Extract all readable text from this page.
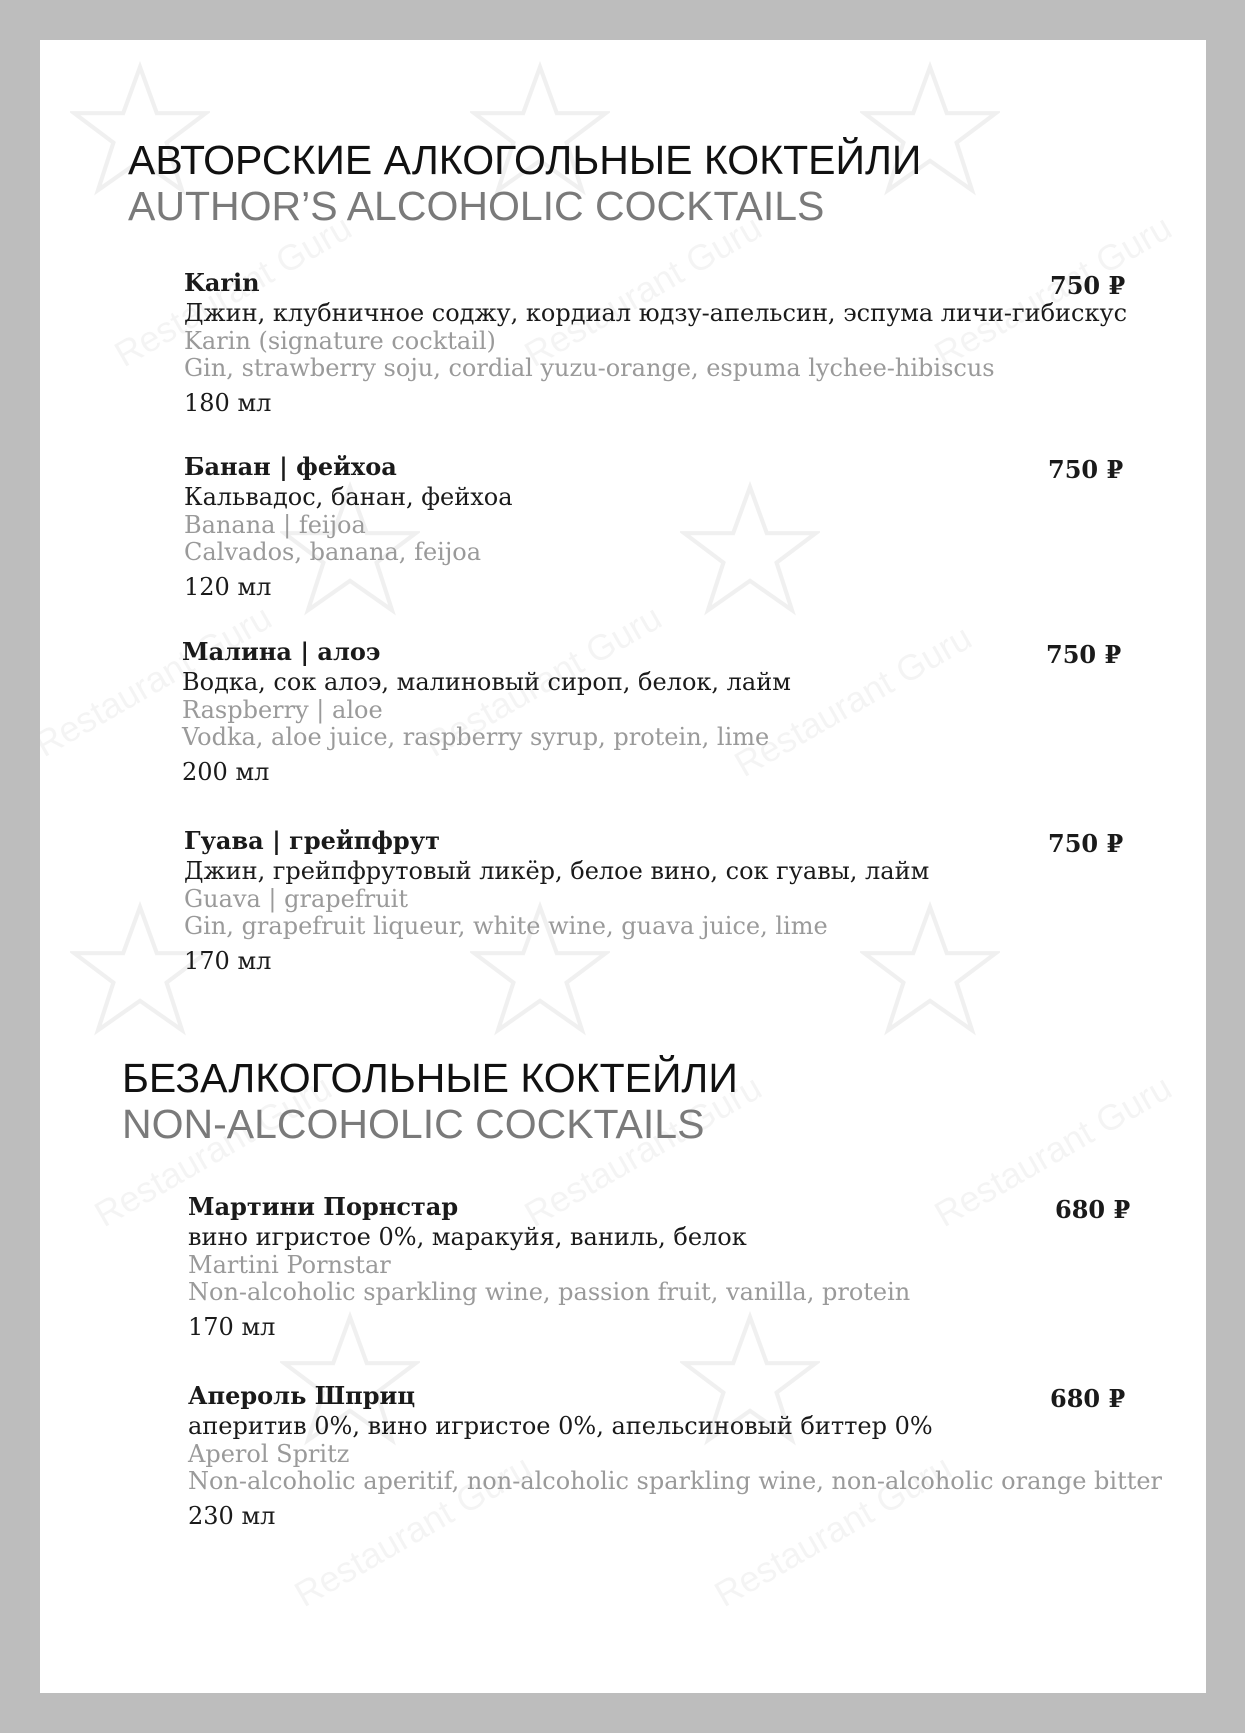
АВТОРСКИЕ АЛКОГОЛЬНЫЕ КОКТЕЙЛИ
AUTHOR’S ALCOHOLIC COCKTAILS
Karin
Джин, клубничное соджу, кордиал юдзу-апельсин, эспума личи-гибискус
Karin (signature cocktail)
Gin, strawberry soju, cordial yuzu-orange, espuma lychee-hibiscus
180 мл
750 ₽
Банан | фейхоа
Кальвадос, банан, фейхоа
Banana | feijoa
Calvados, banana, feijoa
120 мл
750 ₽
Малина | алоэ
Водка, сок алоэ, малиновый сироп, белок, лайм
Raspberry | aloe
Vodka, aloe juice, raspberry syrup, protein, lime
200 мл
750 ₽
Гуава | грейпфрут
Джин, грейпфрутовый ликёр, белое вино, сок гуавы, лайм
Guava | grapefruit
Gin, grapefruit liqueur, white wine, guava juice, lime
170 мл
750 ₽
БЕЗАЛКОГОЛЬНЫЕ КОКТЕЙЛИ
NON-ALCOHOLIC COCKTAILS
Мартини Порнстар
вино игристое 0%, маракуйя, ваниль, белок
Martini Pornstar
Non-alcoholic sparkling wine, passion fruit, vanilla, protein
170 мл
680 ₽
Апероль Шприц
аперитив 0%, вино игристое 0%, апельсиновый биттер 0%
Aperol Spritz
Non-alcoholic aperitif, non-alcoholic sparkling wine, non-alcoholic orange bitter
230 мл
680 ₽
